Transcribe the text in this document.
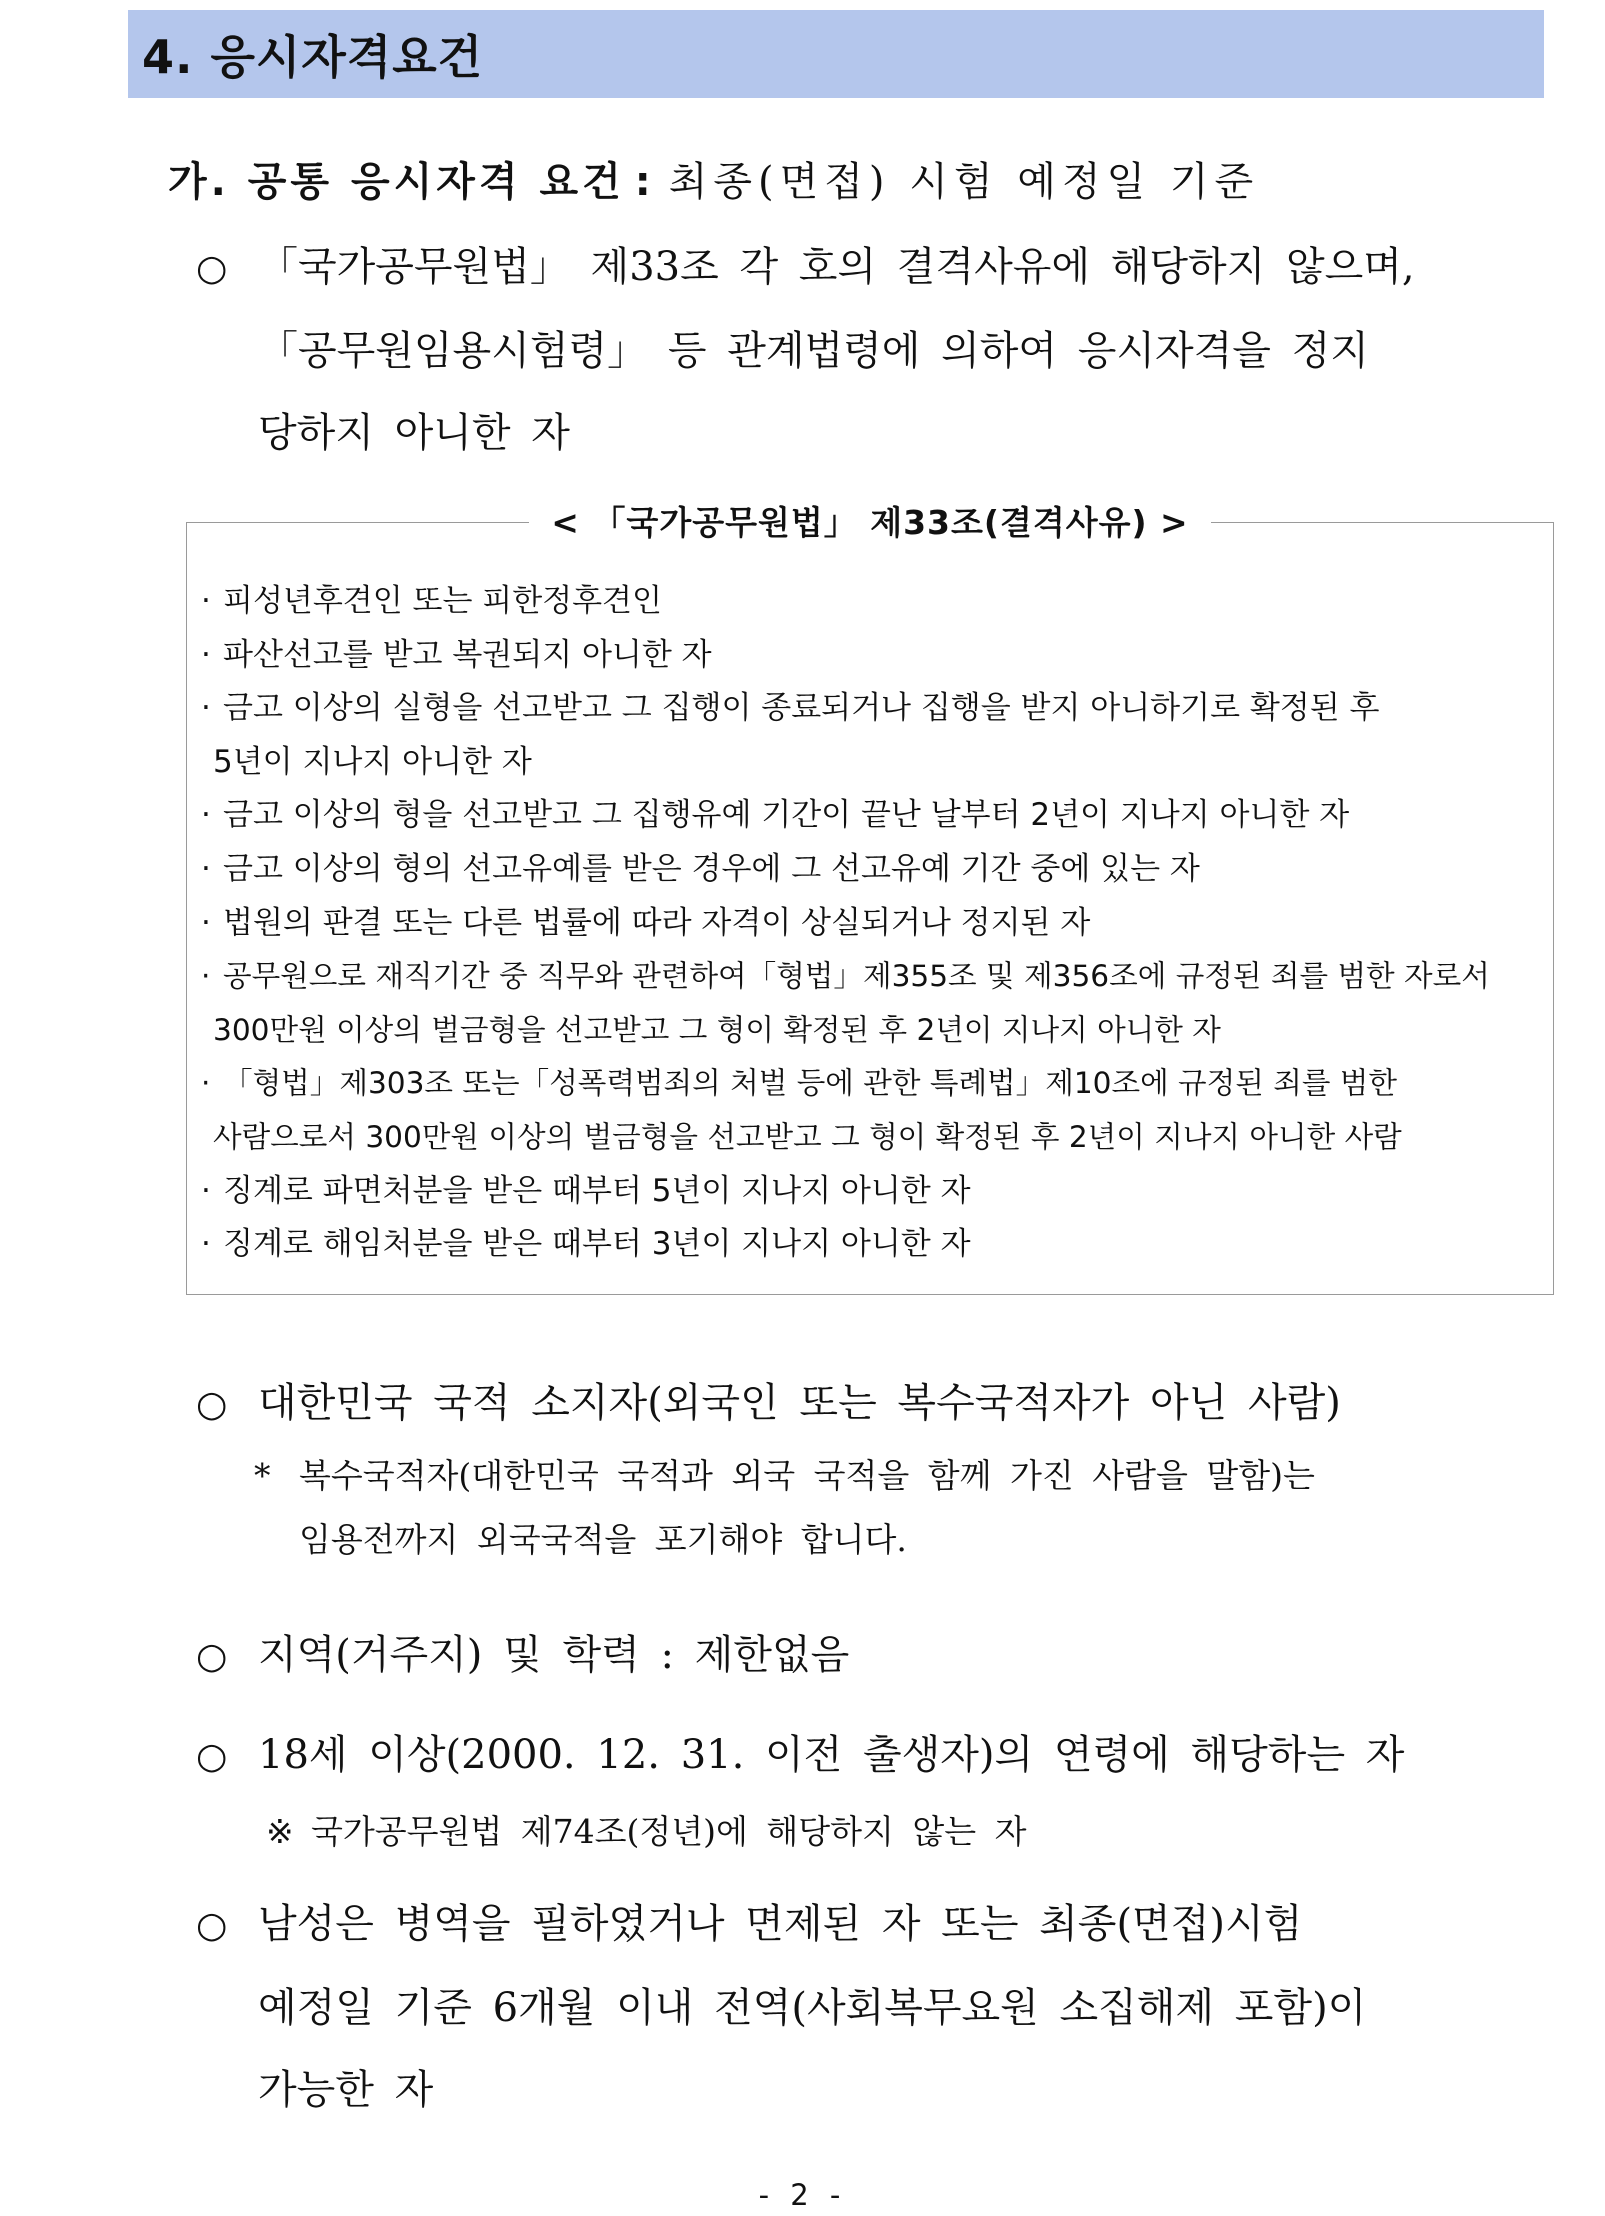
4. 응시자격요건
가. 공통 응시자격 요건 : 최종(면접) 시험 예정일 기준
○ 「국가공무원법」 제33조 각 호의 결격사유에 해당하지 않으며,
「공무원임용시험령」 등 관계법령에 의하여 응시자격을 정지
당하지 아니한 자
< 「국가공무원법」 제33조(결격사유) >
· 피성년후견인 또는 피한정후견인
· 파산선고를 받고 복권되지 아니한 자
· 금고 이상의 실형을 선고받고 그 집행이 종료되거나 집행을 받지 아니하기로 확정된 후
5년이 지나지 아니한 자
· 금고 이상의 형을 선고받고 그 집행유예 기간이 끝난 날부터 2년이 지나지 아니한 자
· 금고 이상의 형의 선고유예를 받은 경우에 그 선고유예 기간 중에 있는 자
· 법원의 판결 또는 다른 법률에 따라 자격이 상실되거나 정지된 자
· 공무원으로 재직기간 중 직무와 관련하여「형법」제355조 및 제356조에 규정된 죄를 범한 자로서
300만원 이상의 벌금형을 선고받고 그 형이 확정된 후 2년이 지나지 아니한 자
· 「형법」제303조 또는「성폭력범죄의 처벌 등에 관한 특례법」제10조에 규정된 죄를 범한
사람으로서 300만원 이상의 벌금형을 선고받고 그 형이 확정된 후 2년이 지나지 아니한 사람
· 징계로 파면처분을 받은 때부터 5년이 지나지 아니한 자
· 징계로 해임처분을 받은 때부터 3년이 지나지 아니한 자
○ 대한민국 국적 소지자(외국인 또는 복수국적자가 아닌 사람)
* 복수국적자(대한민국 국적과 외국 국적을 함께 가진 사람을 말함)는
임용전까지 외국국적을 포기해야 합니다.
○ 지역(거주지) 및 학력 : 제한없음
○ 18세 이상(2000. 12. 31. 이전 출생자)의 연령에 해당하는 자
※ 국가공무원법 제74조(정년)에 해당하지 않는 자
○ 남성은 병역을 필하였거나 면제된 자 또는 최종(면접)시험
예정일 기준 6개월 이내 전역(사회복무요원 소집해제 포함)이
가능한 자
- 2 -
